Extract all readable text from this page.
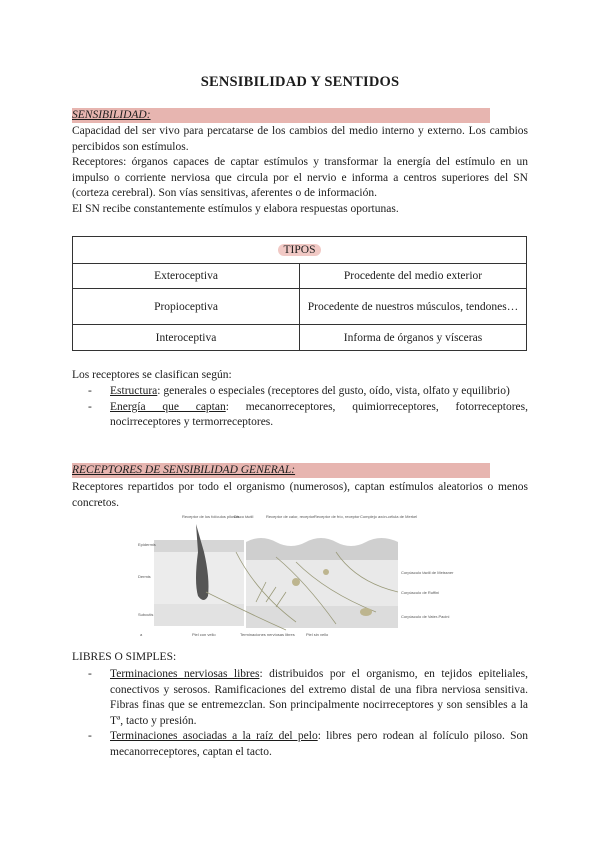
SENSIBILIDAD Y SENTIDOS
SENSIBILIDAD:

Capacidad del ser vivo para percatarse de los cambios del medio interno y externo. Los cambios percibidos son estímulos.

Receptores: órganos capaces de captar estímulos y transformar la energía del estímulo en un impulso o corriente nerviosa que circula por el nervio e informa a centros superiores del SN (corteza cerebral). Son vías sensitivas, aferentes o de información.

El SN recibe constantemente estímulos y elabora respuestas oportunas.

TIPOS	
Exteroceptiva	Procedente del medio exterior
Propioceptiva	Procedente de nuestros músculos, tendones…
Interoceptiva	Informa de órganos y vísceras
Los receptores se clasifican según:
- Estructura: generales o especiales (receptores del gusto, oído, vista, olfato y equilibrio)
- Energía que captan: mecanorreceptores, quimiorreceptores, fotorreceptores, nocirreceptores y termorreceptores.
RECEPTORES DE SENSIBILIDAD GENERAL:
Receptores repartidos por todo el organismo (numerosos), captan estímulos aleatorios o menos concretos.
Epidermis
Dermis
Subcutis
Receptor de los folículos pilosos
Disco táctil	Receptor de calor, receptor Receptor de frío, receptor Complejo axón-célula de Merkel
Corpúsculo táctil de Meissner
Corpúsculo de Ruffini
Corpúsculo de Vater-Pacini
a	Piel con vello	Terminaciones nerviosas libres	Piel sin vello
LIBRES O SIMPLES:
- Terminaciones nerviosas libres: distribuidos por el organismo, en tejidos epiteliales, conectivos y serosos. Ramificaciones del extremo distal de una fibra nerviosa sensitiva. Fibras finas que se entremezclan. Son principalmente nocirreceptores y son sensibles a la Tª, tacto y presión.
- Terminaciones asociadas a la raíz del pelo: libres pero rodean al folículo piloso. Son mecanorreceptores, captan el tacto.
